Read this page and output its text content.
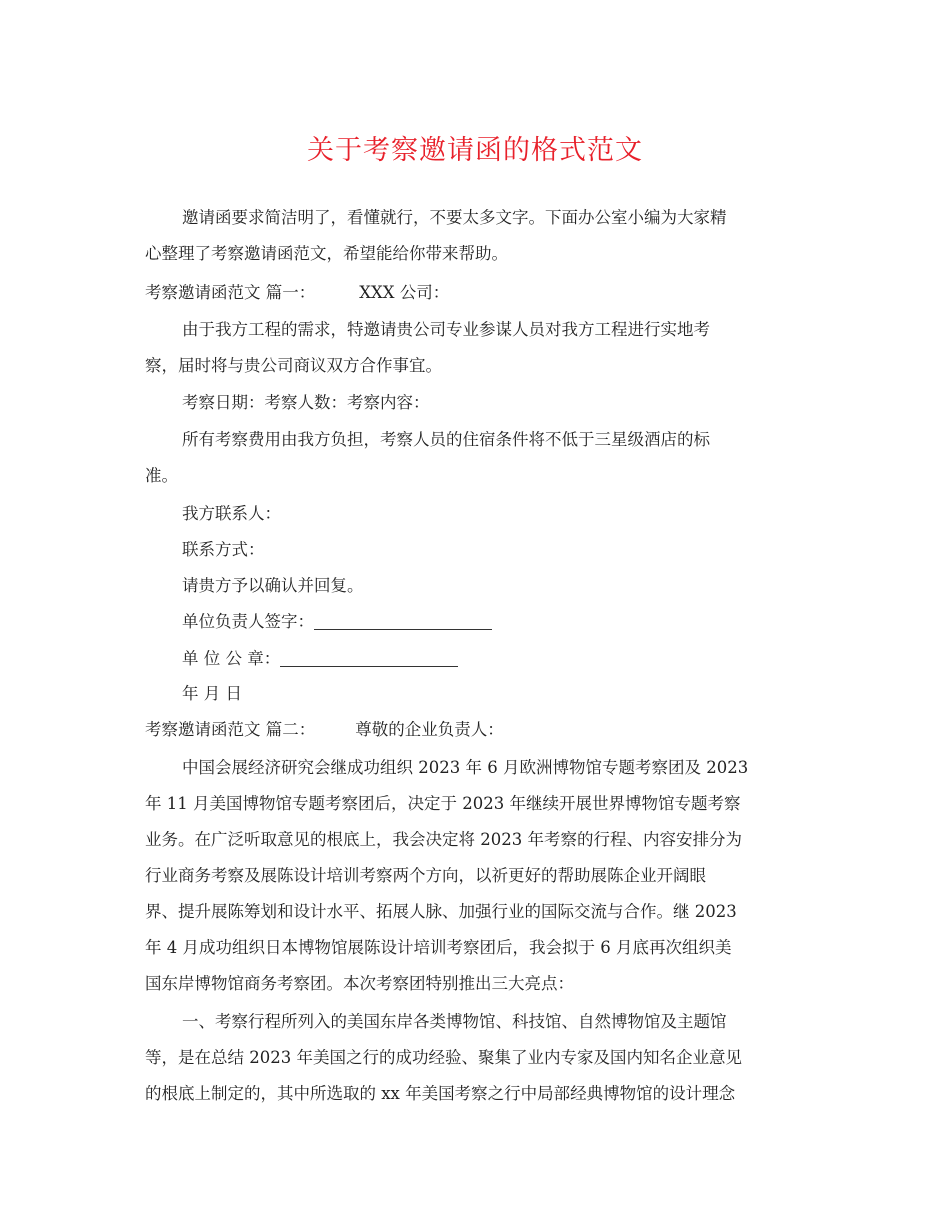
关于考察邀请函的格式范文
邀请函要求简洁明了，看懂就行，不要太多文字。下面办公室小编为大家精
心整理了考察邀请函范文，希望能给你带来帮助。
考察邀请函范文 篇一：	XXX 公司：
由于我方工程的需求，特邀请贵公司专业参谋人员对我方工程进行实地考
察，届时将与贵公司商议双方合作事宜。
考察日期：考察人数：考察内容：
所有考察费用由我方负担，考察人员的住宿条件将不低于三星级酒店的标
准。
我方联系人：
联系方式：
请贵方予以确认并回复。
单位负责人签字：
单 位 公 章：
年 月 日
考察邀请函范文 篇二： 尊敬的企业负责人：
中国会展经济研究会继成功组织 2023 年 6 月欧洲博物馆专题考察团及 2023
年 11 月美国博物馆专题考察团后，决定于 2023 年继续开展世界博物馆专题考察
业务。在广泛听取意见的根底上，我会决定将 2023 年考察的行程、内容安排分为
行业商务考察及展陈设计培训考察两个方向，以祈更好的帮助展陈企业开阔眼
界、提升展陈筹划和设计水平、拓展人脉、加强行业的国际交流与合作。继 2023
年 4 月成功组织日本博物馆展陈设计培训考察团后，我会拟于 6 月底再次组织美
国东岸博物馆商务考察团。本次考察团特别推出三大亮点：
一、考察行程所列入的美国东岸各类博物馆、科技馆、自然博物馆及主题馆
等，是在总结 2023 年美国之行的成功经验、聚集了业内专家及国内知名企业意见
的根底上制定的，其中所选取的 xx 年美国考察之行中局部经典博物馆的设计理念
